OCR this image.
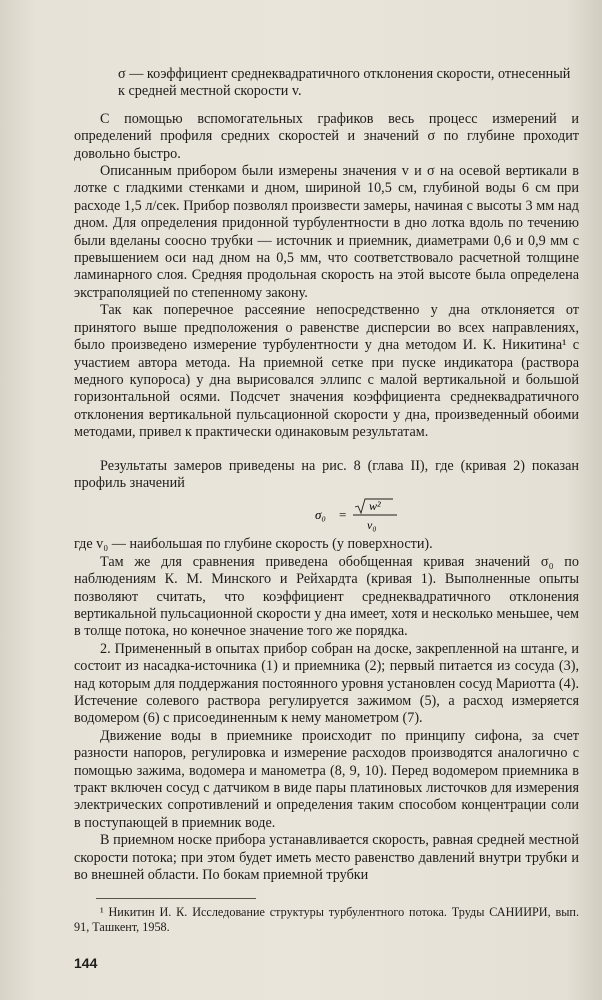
σ — коэффициент среднеквадратичного отклонения скорости, отнесенный к средней местной скорости v.

С помощью вспомогательных графиков весь процесс измерений и определений профиля средних скоростей и значений σ по глубине проходит довольно быстро.

Описанным прибором были измерены значения v и σ на осевой вертикали в лотке с гладкими стенками и дном, шириной 10,5 см, глубиной воды 6 см при расходе 1,5 л/сек. Прибор позволял произвести замеры, начиная с высоты 3 мм над дном. Для определения придонной турбулентности в дно лотка вдоль по течению были вделаны соосно трубки — источник и приемник, диаметрами 0,6 и 0,9 мм с превышением оси над дном на 0,5 мм, что соответствовало расчетной толщине ламинарного слоя. Средняя продольная скорость на этой высоте была определена экстраполяцией по степенному закону.

Так как поперечное рассеяние непосредственно у дна отклоняется от принятого выше предположения о равенстве дисперсии во всех направлениях, было произведено измерение турбулентности у дна методом И. К. Никитина¹ с участием автора метода. На приемной сетке при пуске индикатора (раствора медного купороса) у дна вырисовался эллипс с малой вертикальной и большой горизонтальной осями. Подсчет значения коэффициента среднеквадратичного отклонения вертикальной пульсационной скорости у дна, произведенный обоими методами, привел к практически одинаковым результатам.

Результаты замеров приведены на рис. 8 (глава II), где (кривая 2) показан профиль значений

σ₀ =
w²
v₀

где v₀ — наибольшая по глубине скорость (у поверхности).

Там же для сравнения приведена обобщенная кривая значений σ₀ по наблюдениям К. М. Минского и Рейхардта (кривая 1). Выполненные опыты позволяют считать, что коэффициент среднеквадратичного отклонения вертикальной пульсационной скорости у дна имеет, хотя и несколько меньшее, чем в толще потока, но конечное значение того же порядка.

2. Примененный в опытах прибор собран на доске, закрепленной на штанге, и состоит из насадка-источника (1) и приемника (2); первый питается из сосуда (3), над которым для поддержания постоянного уровня установлен сосуд Мариотта (4). Истечение солевого раствора регулируется зажимом (5), а расход измеряется водомером (6) с присоединенным к нему манометром (7).

Движение воды в приемнике происходит по принципу сифона, за счет разности напоров, регулировка и измерение расходов производятся аналогично с помощью зажима, водомера и манометра (8, 9, 10). Перед водомером приемника в тракт включен сосуд с датчиком в виде пары платиновых листочков для измерения электрических сопротивлений и определения таким способом концентрации соли в поступающей в приемник воде.

В приемном носке прибора устанавливается скорость, равная средней местной скорости потока; при этом будет иметь место равенство давлений внутри трубки и во внешней области. По бокам приемной трубки

¹ Никитин И. К. Исследование структуры турбулентного потока. Труды САНИИРИ, вып. 91, Ташкент, 1958.

144
